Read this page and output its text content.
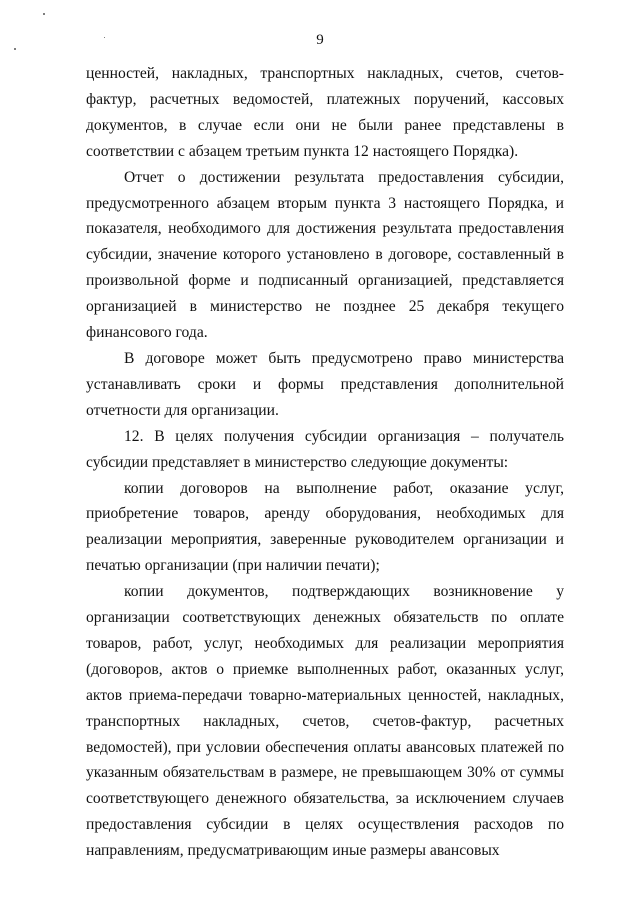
9

ценностей, накладных, транспортных накладных, счетов, счетов-фактур, расчетных ведомостей, платежных поручений, кассовых документов, в случае если они не были ранее представлены в соответствии с абзацем третьим пункта 12 настоящего Порядка).

Отчет о достижении результата предоставления субсидии, предусмотренного абзацем вторым пункта 3 настоящего Порядка, и показателя, необходимого для достижения результата предоставления субсидии, значение которого установлено в договоре, составленный в произвольной форме и подписанный организацией, представляется организацией в министерство не позднее 25 декабря текущего финансового года.

В договоре может быть предусмотрено право министерства устанавливать сроки и формы представления дополнительной отчетности для организации.

12. В целях получения субсидии организация – получатель субсидии представляет в министерство следующие документы:

копии договоров на выполнение работ, оказание услуг, приобретение товаров, аренду оборудования, необходимых для реализации мероприятия, заверенные руководителем организации и печатью организации (при наличии печати);

копии документов, подтверждающих возникновение у организации соответствующих денежных обязательств по оплате товаров, работ, услуг, необходимых для реализации мероприятия (договоров, актов о приемке выполненных работ, оказанных услуг, актов приема-передачи товарно-материальных ценностей, накладных, транспортных накладных, счетов, счетов-фактур, расчетных ведомостей), при условии обеспечения оплаты авансовых платежей по указанным обязательствам в размере, не превышающем 30% от суммы соответствующего денежного обязательства, за исключением случаев предоставления субсидии в целях осуществления расходов по направлениям, предусматривающим иные размеры авансовых
